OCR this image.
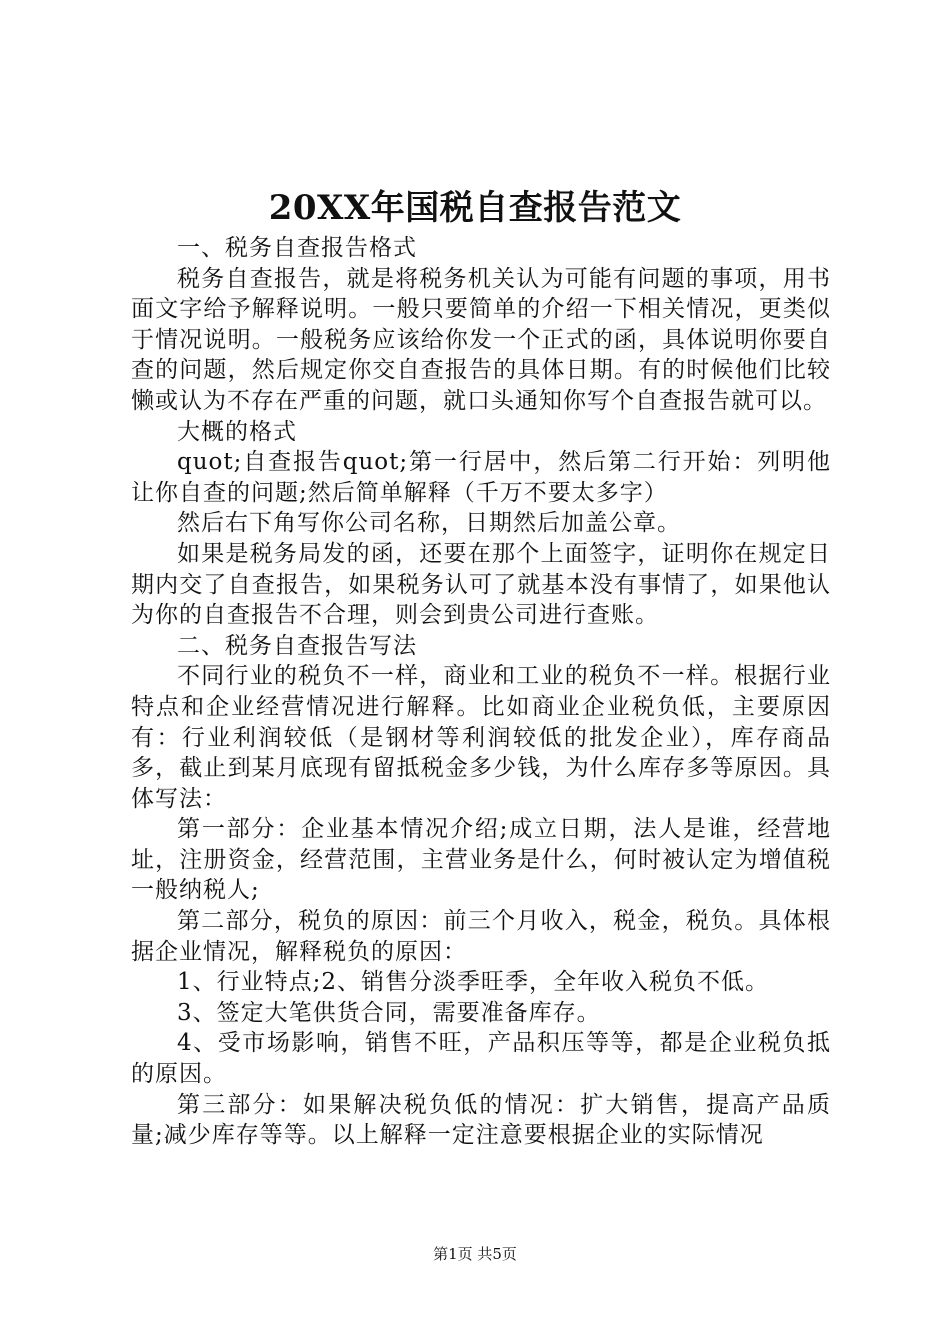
20XX年国税自查报告范文

一、税务自查报告格式

税务自查报告，就是将税务机关认为可能有问题的事项，用书面文字给予解释说明。一般只要简单的介绍一下相关情况，更类似于情况说明。一般税务应该给你发一个正式的函，具体说明你要自查的问题，然后规定你交自查报告的具体日期。有的时候他们比较懒或认为不存在严重的问题，就口头通知你写个自查报告就可以。

大概的格式

quot;自查报告quot;第一行居中，然后第二行开始：列明他让你自查的问题;然后简单解释（千万不要太多字）

然后右下角写你公司名称，日期然后加盖公章。

如果是税务局发的函，还要在那个上面签字，证明你在规定日期内交了自查报告，如果税务认可了就基本没有事情了，如果他认为你的自查报告不合理，则会到贵公司进行查账。

二、税务自查报告写法

不同行业的税负不一样，商业和工业的税负不一样。根据行业特点和企业经营情况进行解释。比如商业企业税负低，主要原因有：行业利润较低（是钢材等利润较低的批发企业），库存商品多，截止到某月底现有留抵税金多少钱，为什么库存多等原因。具体写法：

第一部分：企业基本情况介绍;成立日期，法人是谁，经营地址，注册资金，经营范围，主营业务是什么，何时被认定为增值税一般纳税人;

第二部分，税负的原因：前三个月收入，税金，税负。具体根据企业情况，解释税负的原因：

1、行业特点;2、销售分淡季旺季，全年收入税负不低。

3、签定大笔供货合同，需要准备库存。

4、受市场影响，销售不旺，产品积压等等，都是企业税负抵的原因。

第三部分：如果解决税负低的情况：扩大销售，提高产品质量;减少库存等等。以上解释一定注意要根据企业的实际情况

第1页 共5页
